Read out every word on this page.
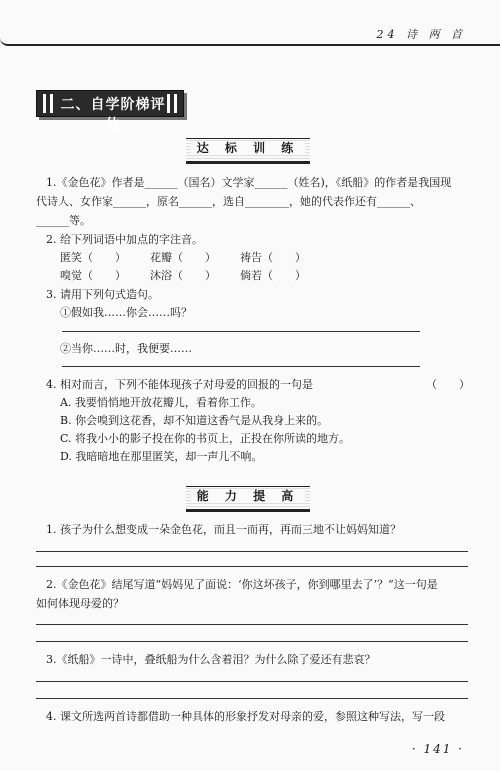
24 诗 两 首
二、自学阶梯评估
达 标 训 练
1.《金色花》作者是______（国名）文学家______（姓名)，《纸船》的作者是我国现
代诗人、女作家______，原名______，选自________，她的代表作还有______、
______等。
2. 给下列词语中加点的字注音。
匿笑（　　） 花瓣（　　） 祷告（　　）
嗅觉（　　） 沐浴（　　） 倘若（　　）
3. 请用下列句式造句。
①假如我……你会……吗？
②当你……时，我便要……
4. 相对而言，下列不能体现孩子对母爱的回报的一句是	（　　）
A. 我要悄悄地开放花瓣儿，看着你工作。
B. 你会嗅到这花香，却不知道这香气是从我身上来的。
C. 将我小小的影子投在你的书页上，正投在你所读的地方。
D. 我暗暗地在那里匿笑，却一声儿不响。
能 力 提 高
1. 孩子为什么想变成一朵金色花，而且一而再，再而三地不让妈妈知道？
2.《金色花》结尾写道“妈妈见了面说：‘你这坏孩子，你到哪里去了’？”这一句是
如何体现母爱的？
3.《纸船》一诗中，叠纸船为什么含着泪？为什么除了爱还有悲哀？
4. 课文所选两首诗都借助一种具体的形象抒发对母亲的爱，参照这种写法，写一段
· 141 ·
